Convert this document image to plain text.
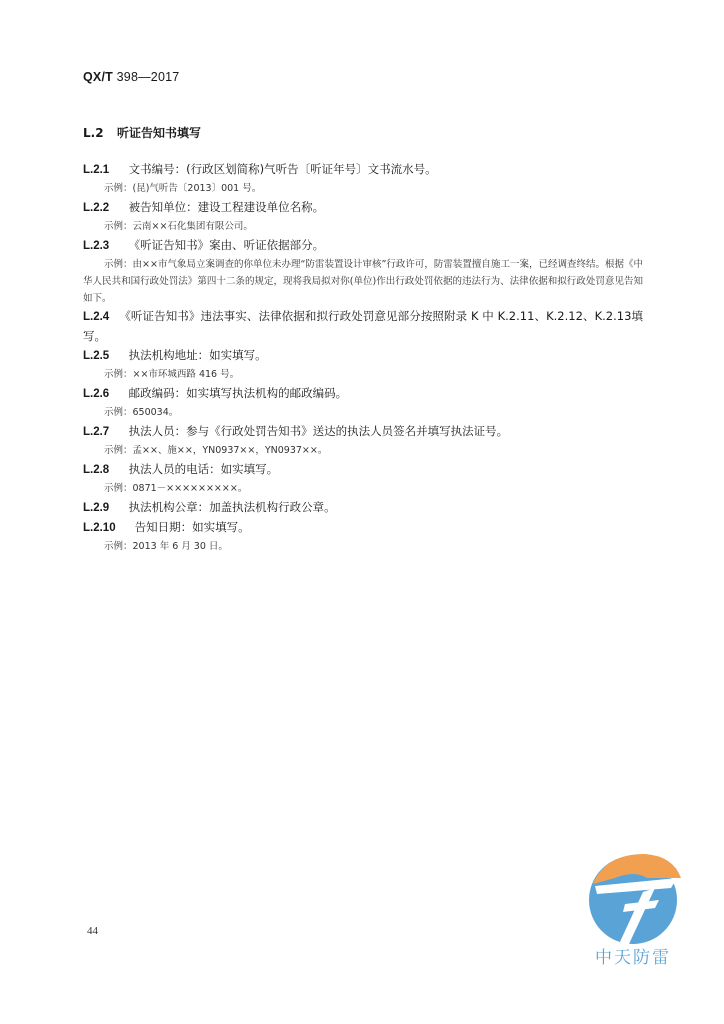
QX/T 398—2017
L.2 听证告知书填写
L.2.1 文书编号：(行政区划简称)气听告〔听证年号〕文书流水号。
示例：(昆)气听告〔2013〕001 号。
L.2.2 被告知单位：建设工程建设单位名称。
示例：云南××石化集团有限公司。
L.2.3 《听证告知书》案由、听证依据部分。
示例：由××市气象局立案调查的你单位未办理“防雷装置设计审核”行政许可，防雷装置擅自施工一案，已经调查终结。根据《中华人民共和国行政处罚法》第四十二条的规定，现将我局拟对你(单位)作出行政处罚依据的违法行为、法律依据和拟行政处罚意见告知如下。
L.2.4 《听证告知书》违法事实、法律依据和拟行政处罚意见部分按照附录 K 中 K.2.11、K.2.12、K.2.13填写。
L.2.5 执法机构地址：如实填写。
示例：××市环城西路 416 号。
L.2.6 邮政编码：如实填写执法机构的邮政编码。
示例：650034。
L.2.7 执法人员：参与《行政处罚告知书》送达的执法人员签名并填写执法证号。
示例：孟××、施××，YN0937××，YN0937××。
L.2.8 执法人员的电话：如实填写。
示例：0871－×××××××××。
L.2.9 执法机构公章：加盖执法机构行政公章。
L.2.10 告知日期：如实填写。
示例：2013 年 6 月 30 日。
44
中天防雷
